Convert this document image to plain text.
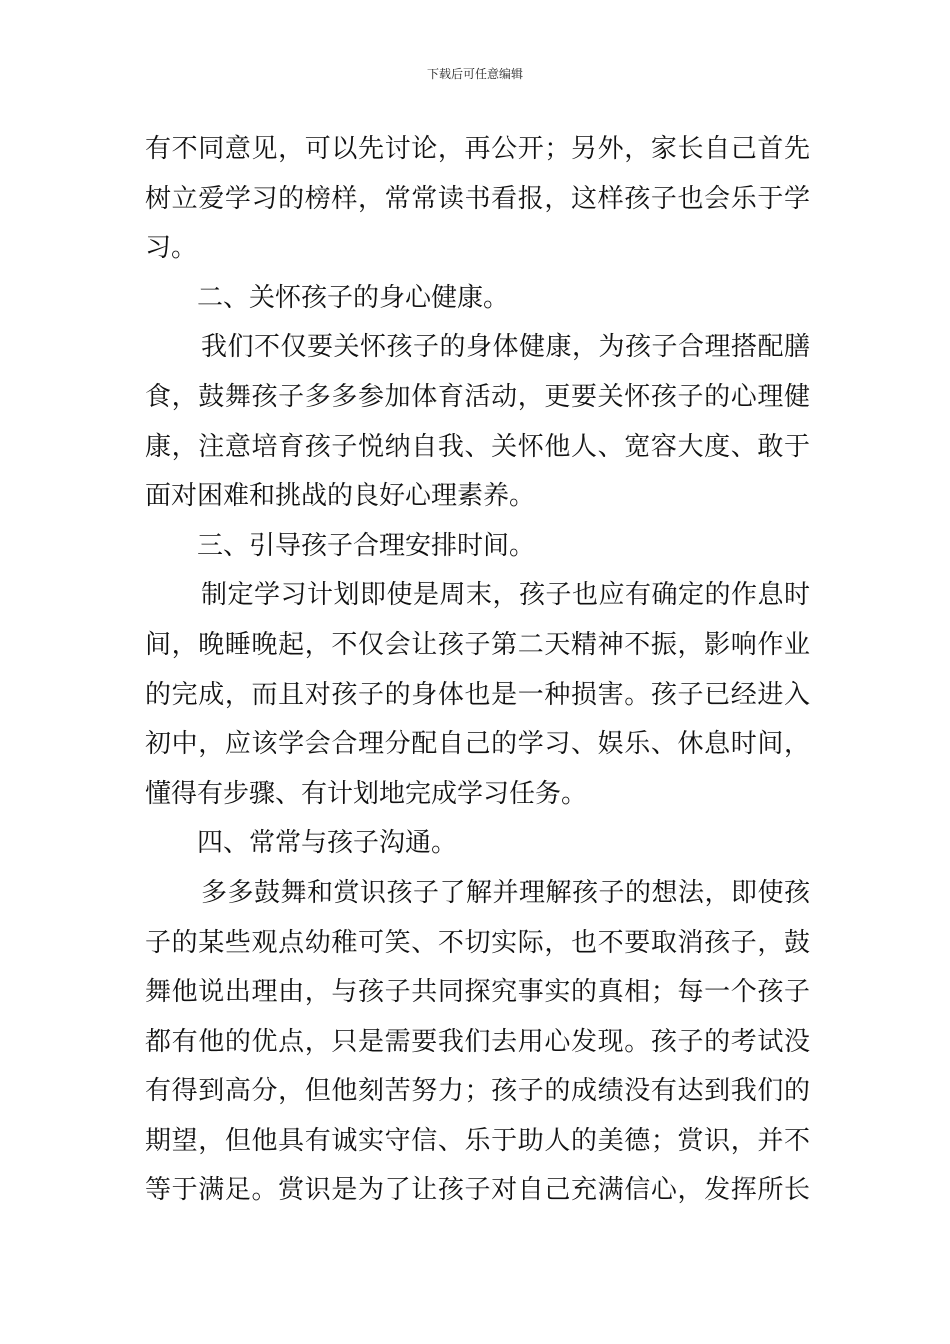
下载后可任意编辑
有不同意见，可以先讨论，再公开；另外，家长自己首先
树立爱学习的榜样，常常读书看报，这样孩子也会乐于学
习。
二、关怀孩子的身心健康。
我们不仅要关怀孩子的身体健康，为孩子合理搭配膳
食，鼓舞孩子多多参加体育活动，更要关怀孩子的心理健
康，注意培育孩子悦纳自我、关怀他人、宽容大度、敢于
面对困难和挑战的良好心理素养。
三、引导孩子合理安排时间。
制定学习计划即使是周末，孩子也应有确定的作息时
间，晚睡晚起，不仅会让孩子第二天精神不振，影响作业
的完成，而且对孩子的身体也是一种损害。孩子已经进入
初中，应该学会合理分配自己的学习、娱乐、休息时间，
懂得有步骤、有计划地完成学习任务。
四、常常与孩子沟通。
多多鼓舞和赏识孩子了解并理解孩子的想法，即使孩
子的某些观点幼稚可笑、不切实际，也不要取消孩子，鼓
舞他说出理由，与孩子共同探究事实的真相；每一个孩子
都有他的优点，只是需要我们去用心发现。孩子的考试没
有得到高分，但他刻苦努力；孩子的成绩没有达到我们的
期望，但他具有诚实守信、乐于助人的美德；赏识，并不
等于满足。赏识是为了让孩子对自己充满信心，发挥所长
